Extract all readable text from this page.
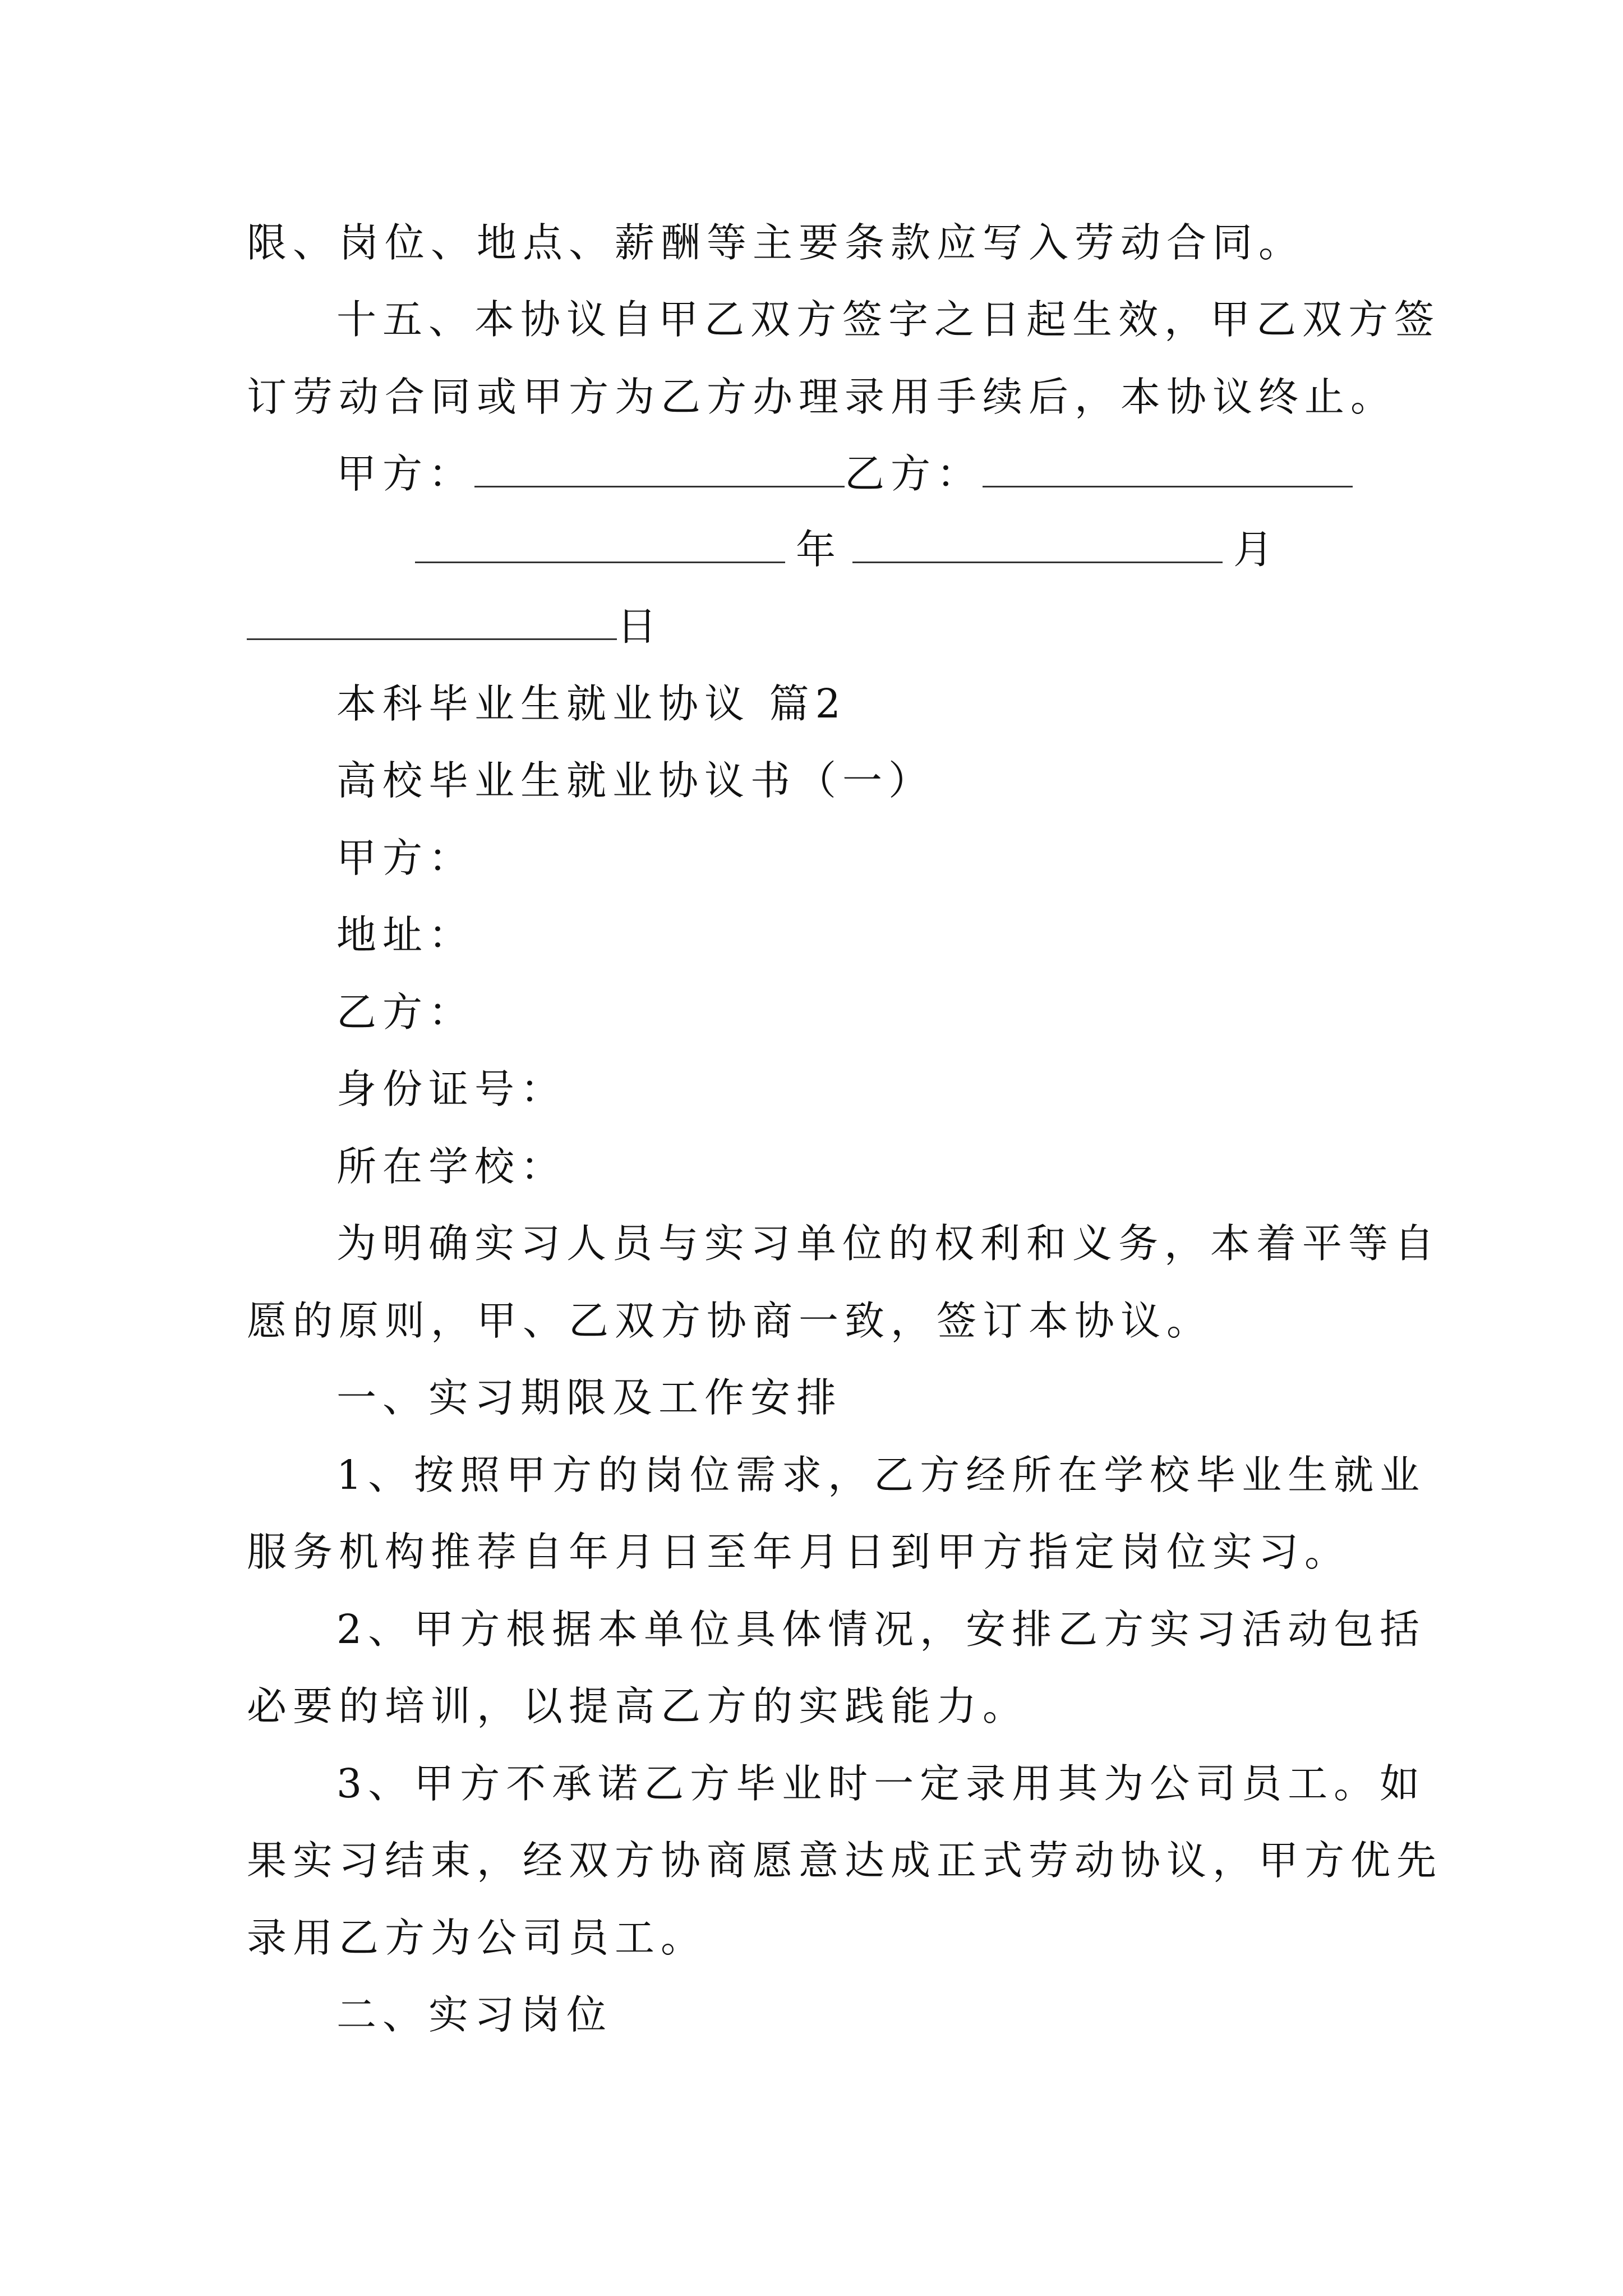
限、岗位、地点、薪酬等主要条款应写入劳动合同。
十五、本协议自甲乙双方签字之日起生效，甲乙双方签
订劳动合同或甲方为乙方办理录用手续后，本协议终止。
甲方：	乙方：
年	月
日
本科毕业生就业协议 篇2
高校毕业生就业协议书（一）
甲方：
地址：
乙方：
身份证号：
所在学校：
为明确实习人员与实习单位的权利和义务，本着平等自
愿的原则，甲、乙双方协商一致，签订本协议。
一、实习期限及工作安排
1、按照甲方的岗位需求，乙方经所在学校毕业生就业
服务机构推荐自年月日至年月日到甲方指定岗位实习。
2、甲方根据本单位具体情况，安排乙方实习活动包括
必要的培训，以提高乙方的实践能力。
3、甲方不承诺乙方毕业时一定录用其为公司员工。如
果实习结束，经双方协商愿意达成正式劳动协议，甲方优先
录用乙方为公司员工。
二、实习岗位
